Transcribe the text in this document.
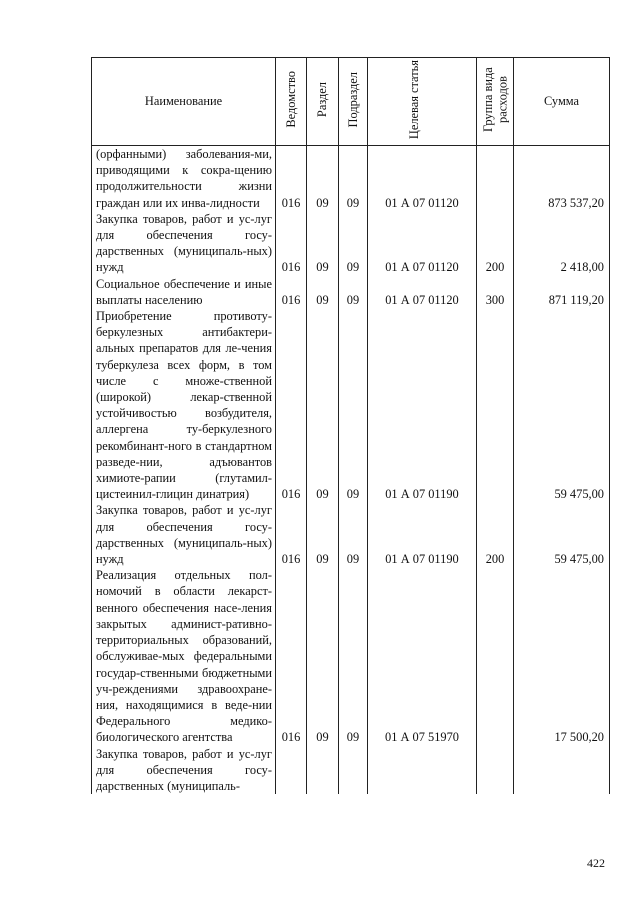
Наименование	Ведомство	Раздел	Подраздел	Целевая статья	Группа вида расходов	Сумма
(орфанными) заболевания-ми, приводящими к сокра-щению продолжительности жизни граждан или их инва-лидности	016	09	09	01 А 07 01120		873 537,20
Закупка товаров, работ и ус-луг для обеспечения госу-дарственных (муниципаль-ных) нужд	016	09	09	01 А 07 01120	200	2 418,00
Социальное обеспечение и иные выплаты населению	016	09	09	01 А 07 01120	300	871 119,20
Приобретение противоту-беркулезных антибактери-альных препаратов для ле-чения туберкулеза всех форм, в том числе с множе-ственной (широкой) лекар-ственной устойчивостью возбудителя, аллергена ту-беркулезного рекомбинант-ного в стандартном разведе-нии, адъювантов химиоте-рапии (глутамил-цистеинил-глицин динатрия)	016	09	09	01 А 07 01190		59 475,00
Закупка товаров, работ и ус-луг для обеспечения госу-дарственных (муниципаль-ных) нужд	016	09	09	01 А 07 01190	200	59 475,00
Реализация отдельных пол-номочий в области лекарст-венного обеспечения насе-ления закрытых админист-ративно-территориальных образований, обслуживае-мых федеральными государ-ственными бюджетными уч-реждениями здравоохране-ния, находящимися в веде-нии Федерального медико-биологического агентства	016	09	09	01 А 07 51970		17 500,20
Закупка товаров, работ и ус-луг для обеспечения госу-дарственных (муниципаль-						
422
